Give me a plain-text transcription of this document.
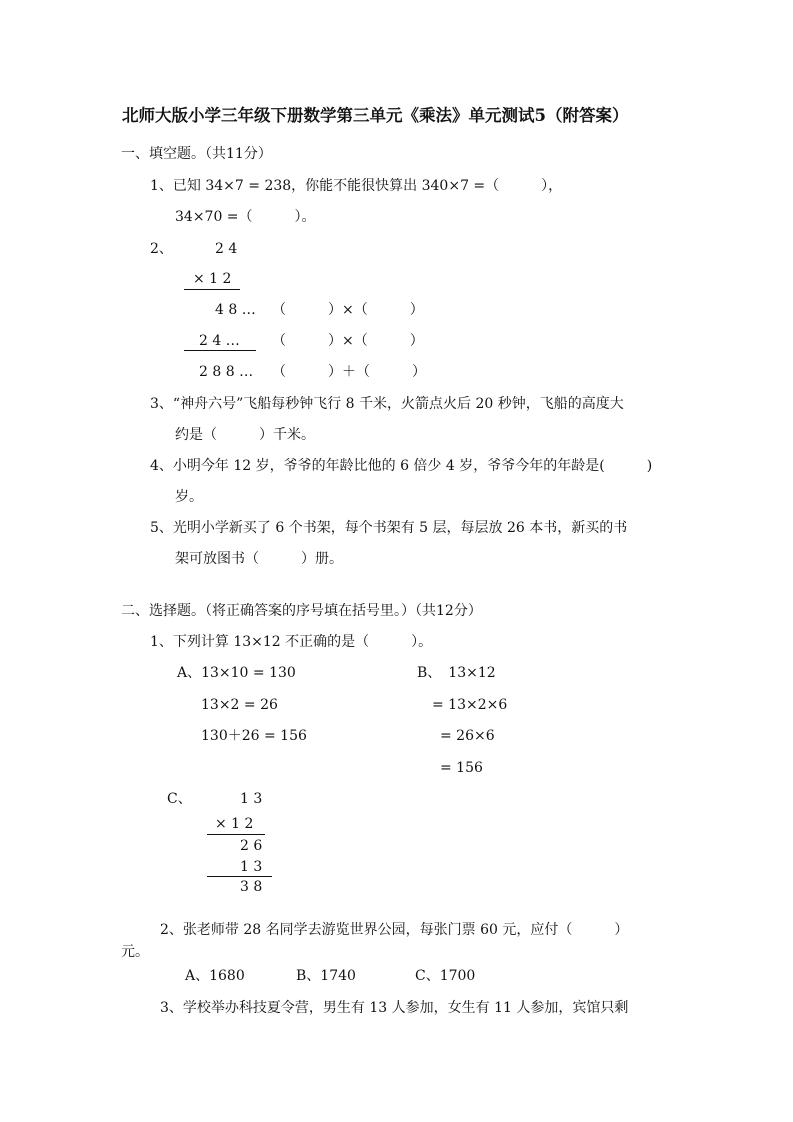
北师大版小学三年级下册数学第三单元《乘法》单元测试5（附答案）
一、填空题。（共11分）
1、已知 34×7 = 238，你能不能很快算出 340×7 =（　　　），
34×70 =（　　　）。
2、	2 4
× 1 2
4 8 … （　　　）×（　　　）
2 4 … （　　　）×（　　　）
2 8 8 … （　　　）＋（　　　）
3、“神舟六号”飞船每秒钟飞行 8 千米，火箭点火后 20 秒钟，飞船的高度大
约是（　　　）千米。
4、小明今年 12 岁，爷爷的年龄比他的 6 倍少 4 岁，爷爷今年的年龄是(　　　)
岁。
5、光明小学新买了 6 个书架，每个书架有 5 层，每层放 26 本书，新买的书
架可放图书（　　　）册。
二、选择题。（将正确答案的序号填在括号里。）（共12分）
1、下列计算 13×12 不正确的是（　　　）。
A、13×10 = 130
13×2 = 26
130＋26 = 156
B、　13×12
= 13×2×6
= 26×6
= 156
C、	1 3
× 1 2
2 6
1 3
3 8
2、张老师带 28 名同学去游览世界公园，每张门票 60 元，应付（　　　）
元。
A、1680	B、1740	C、1700
3、学校举办科技夏令营，男生有 13 人参加，女生有 11 人参加，宾馆只剩
